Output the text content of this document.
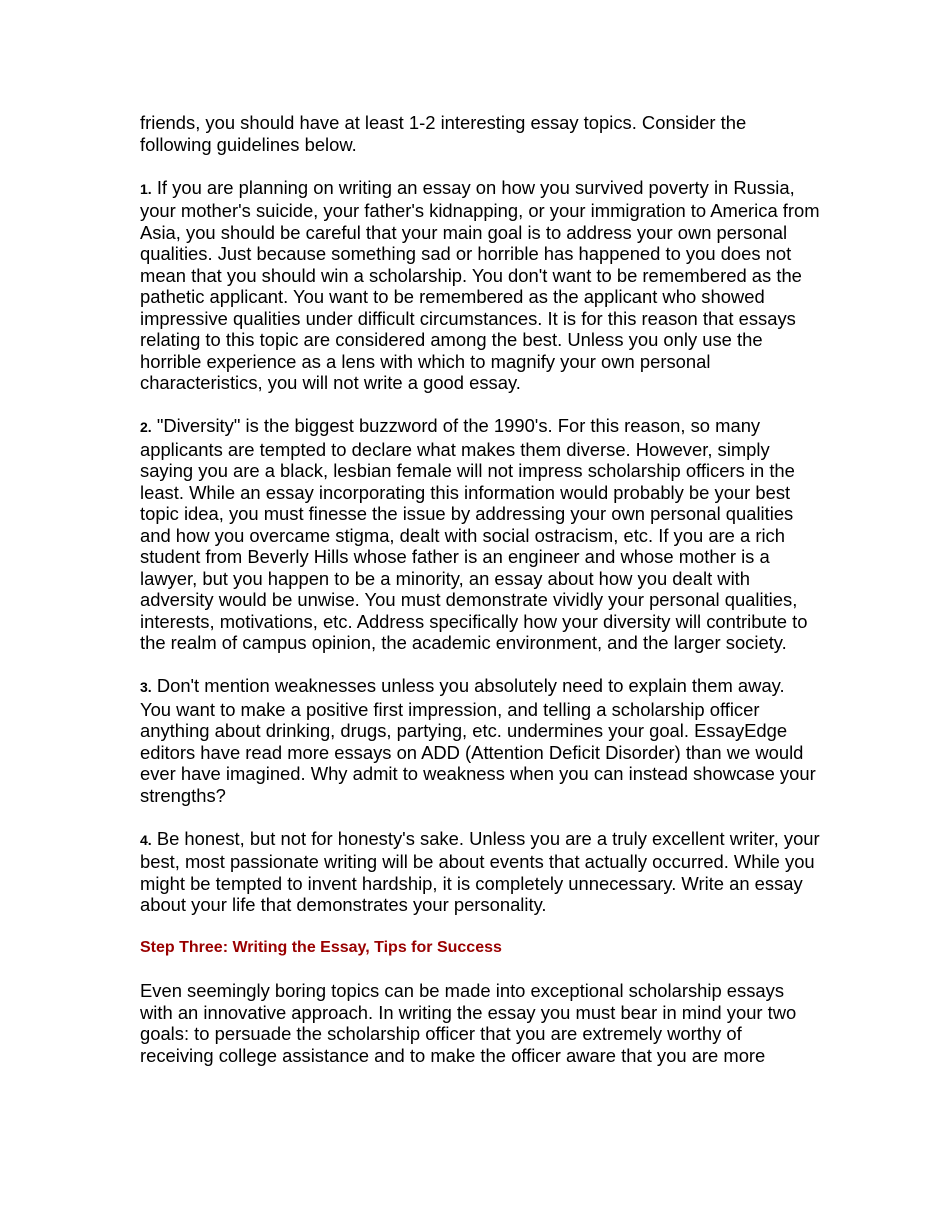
friends, you should have at least 1-2 interesting essay topics. Consider the following guidelines below.

1. If you are planning on writing an essay on how you survived poverty in Russia, your mother's suicide, your father's kidnapping, or your immigration to America from Asia, you should be careful that your main goal is to address your own personal qualities. Just because something sad or horrible has happened to you does not mean that you should win a scholarship. You don't want to be remembered as the pathetic applicant. You want to be remembered as the applicant who showed impressive qualities under difficult circumstances. It is for this reason that essays relating to this topic are considered among the best. Unless you only use the horrible experience as a lens with which to magnify your own personal characteristics, you will not write a good essay.

2. "Diversity" is the biggest buzzword of the 1990's. For this reason, so many applicants are tempted to declare what makes them diverse. However, simply saying you are a black, lesbian female will not impress scholarship officers in the least. While an essay incorporating this information would probably be your best topic idea, you must finesse the issue by addressing your own personal qualities and how you overcame stigma, dealt with social ostracism, etc. If you are a rich student from Beverly Hills whose father is an engineer and whose mother is a lawyer, but you happen to be a minority, an essay about how you dealt with adversity would be unwise. You must demonstrate vividly your personal qualities, interests, motivations, etc. Address specifically how your diversity will contribute to the realm of campus opinion, the academic environment, and the larger society.

3. Don't mention weaknesses unless you absolutely need to explain them away. You want to make a positive first impression, and telling a scholarship officer anything about drinking, drugs, partying, etc. undermines your goal. EssayEdge editors have read more essays on ADD (Attention Deficit Disorder) than we would ever have imagined. Why admit to weakness when you can instead showcase your strengths?

4. Be honest, but not for honesty's sake. Unless you are a truly excellent writer, your best, most passionate writing will be about events that actually occurred. While you might be tempted to invent hardship, it is completely unnecessary. Write an essay about your life that demonstrates your personality.

Step Three: Writing the Essay, Tips for Success

Even seemingly boring topics can be made into exceptional scholarship essays with an innovative approach. In writing the essay you must bear in mind your two goals: to persuade the scholarship officer that you are extremely worthy of receiving college assistance and to make the officer aware that you are more
